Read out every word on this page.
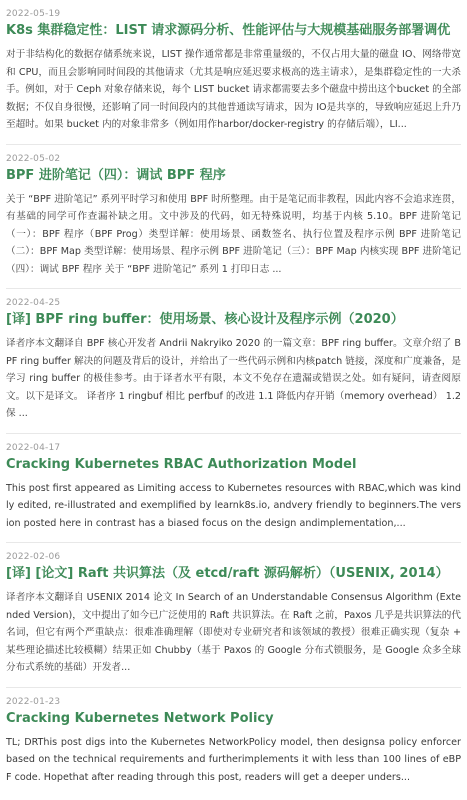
2022-05-19
K8s 集群稳定性：LIST 请求源码分析、性能评估与大规模基础服务部署调优

对于非结构化的数据存储系统来说，LIST 操作通常都是非常重量级的，不仅占用大量的磁盘 IO、网络带宽和 CPU，而且会影响同时间段的其他请求（尤其是响应延迟要求极高的选主请求），是集群稳定性的一大杀手。例如，对于 Ceph 对象存储来说，每个 LIST bucket 请求都需要去多个磁盘中捞出这个bucket 的全部数据；不仅自身很慢，还影响了同一时间段内的其他普通读写请求，因为 IO是共享的，导致响应延迟上升乃至超时。如果 bucket 内的对象非常多（例如用作harbor/docker-registry 的存储后端），LI...

2022-05-02
BPF 进阶笔记（四）：调试 BPF 程序

关于 “BPF 进阶笔记” 系列平时学习和使用 BPF 时所整理。由于是笔记而非教程，因此内容不会追求连贯，有基础的同学可作查漏补缺之用。文中涉及的代码，如无特殊说明，均基于内核 5.10。BPF 进阶笔记（一）：BPF 程序（BPF Prog）类型详解：使用场景、函数签名、执行位置及程序示例 BPF 进阶笔记（二）：BPF Map 类型详解：使用场景、程序示例 BPF 进阶笔记（三）：BPF Map 内核实现 BPF 进阶笔记（四）：调试 BPF 程序 关于 “BPF 进阶笔记” 系列 1 打印日志 ...

2022-04-25
[译] BPF ring buffer：使用场景、核心设计及程序示例（2020）

译者序本文翻译自 BPF 核心开发者 Andrii Nakryiko 2020 的一篇文章：BPF ring buffer。文章介绍了 BPF ring buffer 解决的问题及背后的设计，并给出了一些代码示例和内核patch 链接，深度和广度兼备，是学习 ring buffer 的极佳参考。由于译者水平有限，本文不免存在遗漏或错误之处。如有疑问，请查阅原文。以下是译文。 译者序 1 ringbuf 相比 perfbuf 的改进 1.1 降低内存开销（memory overhead） 1.2 保 ...

2022-04-17
Cracking Kubernetes RBAC Authorization Model

This post first appeared as Limiting access to Kubernetes resources with RBAC,which was kindly edited, re-illustrated and exemplified by learnk8s.io, andvery friendly to beginners.The version posted here in contrast has a biased focus on the design andimplementation,...

2022-02-06
[译] [论文] Raft 共识算法（及 etcd/raft 源码解析）（USENIX, 2014）

译者序本文翻译自 USENIX 2014 论文 In Search of an Understandable Consensus Algorithm (Extended Version)，文中提出了如今已广泛使用的 Raft 共识算法。在 Raft 之前，Paxos 几乎是共识算法的代名词，但它有两个严重缺点：很难准确理解（即使对专业研究者和该领域的教授）很难正确实现（复杂 + 某些理论描述比较模糊）结果正如 Chubby（基于 Paxos 的 Google 分布式锁服务，是 Google 众多全球分布式系统的基础）开发者...

2022-01-23
Cracking Kubernetes Network Policy

TL; DRThis post digs into the Kubernetes NetworkPolicy model, then designsa policy enforcer based on the technical requirements and furtherimplements it with less than 100 lines of eBPF code. Hopethat after reading through this post, readers will get a deeper unders...
